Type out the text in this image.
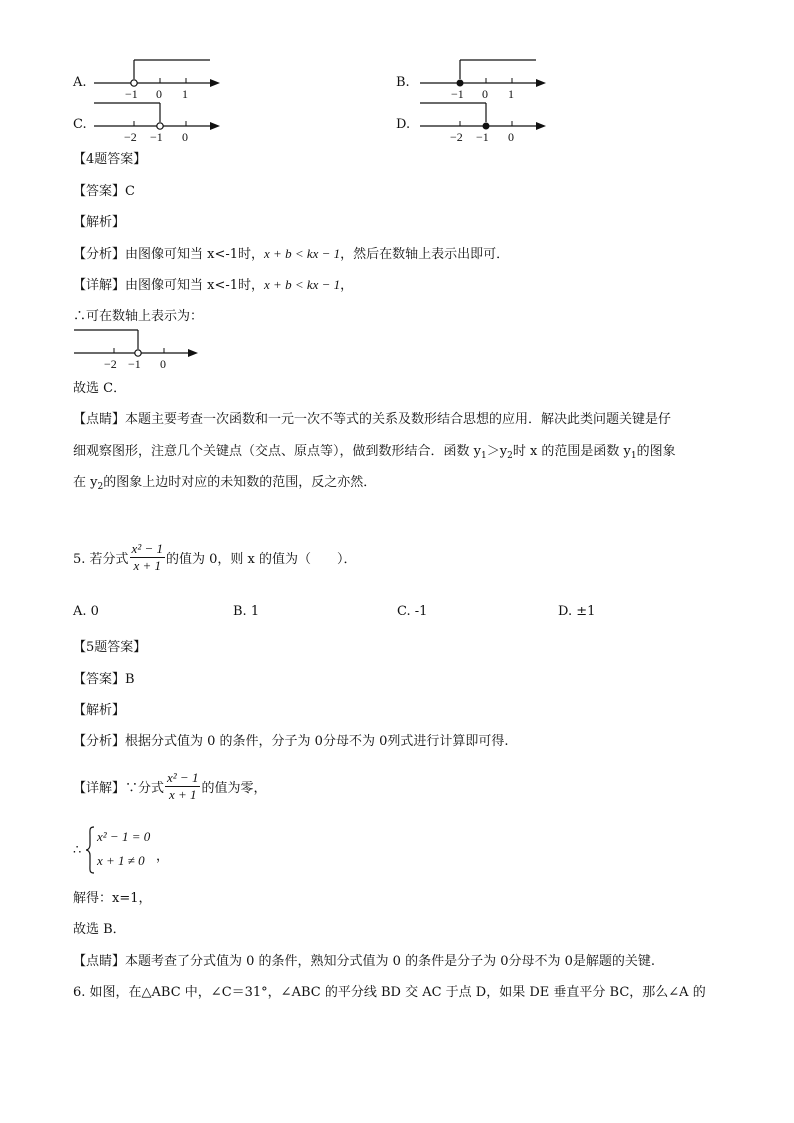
A.
−1 0 1
B.
−1 0 1
C.
−2 −1 0
D.
−2 −1 0
【4题答案】
【答案】C
【解析】
【分析】由图像可知当 x<-1时，x + b < kx − 1，然后在数轴上表示出即可．
【详解】由图像可知当 x<-1时，x + b < kx − 1，
∴可在数轴上表示为：
−2 −1 0
故选 C．
【点睛】本题主要考查一次函数和一元一次不等式的关系及数形结合思想的应用．解决此类问题关键是仔
细观察图形，注意几个关键点（交点、原点等），做到数形结合．函数 $y_1>y_2$时 x 的范围是函数 $y_1$的图象
在 $y_2$的图象上边时对应的未知数的范围，反之亦然．
5. 若分式 $\frac{\text{x² − 1}}{x + 1}$ 的值为 0，则 x 的值为（　　）．
A. 0	B. 1	C. -1	D. ±1
【5题答案】
【答案】B
【解析】
【分析】根据分式值为 0 的条件，分子为 0分母不为 0列式进行计算即可得.
【详解】∵分式 $\frac{\text{x² − 1}}{x + 1}$ 的值为零，
∴
x² − 1 = 0
x + 1 ≠ 0 ，
解得：x=1，
故选 B．
【点睛】本题考查了分式值为 0 的条件，熟知分式值为 0 的条件是分子为 0分母不为 0是解题的关键.
6. 如图，在△ABC 中，∠C＝31°，∠ABC 的平分线 BD 交 AC 于点 D，如果 DE 垂直平分 BC，那么∠A 的
